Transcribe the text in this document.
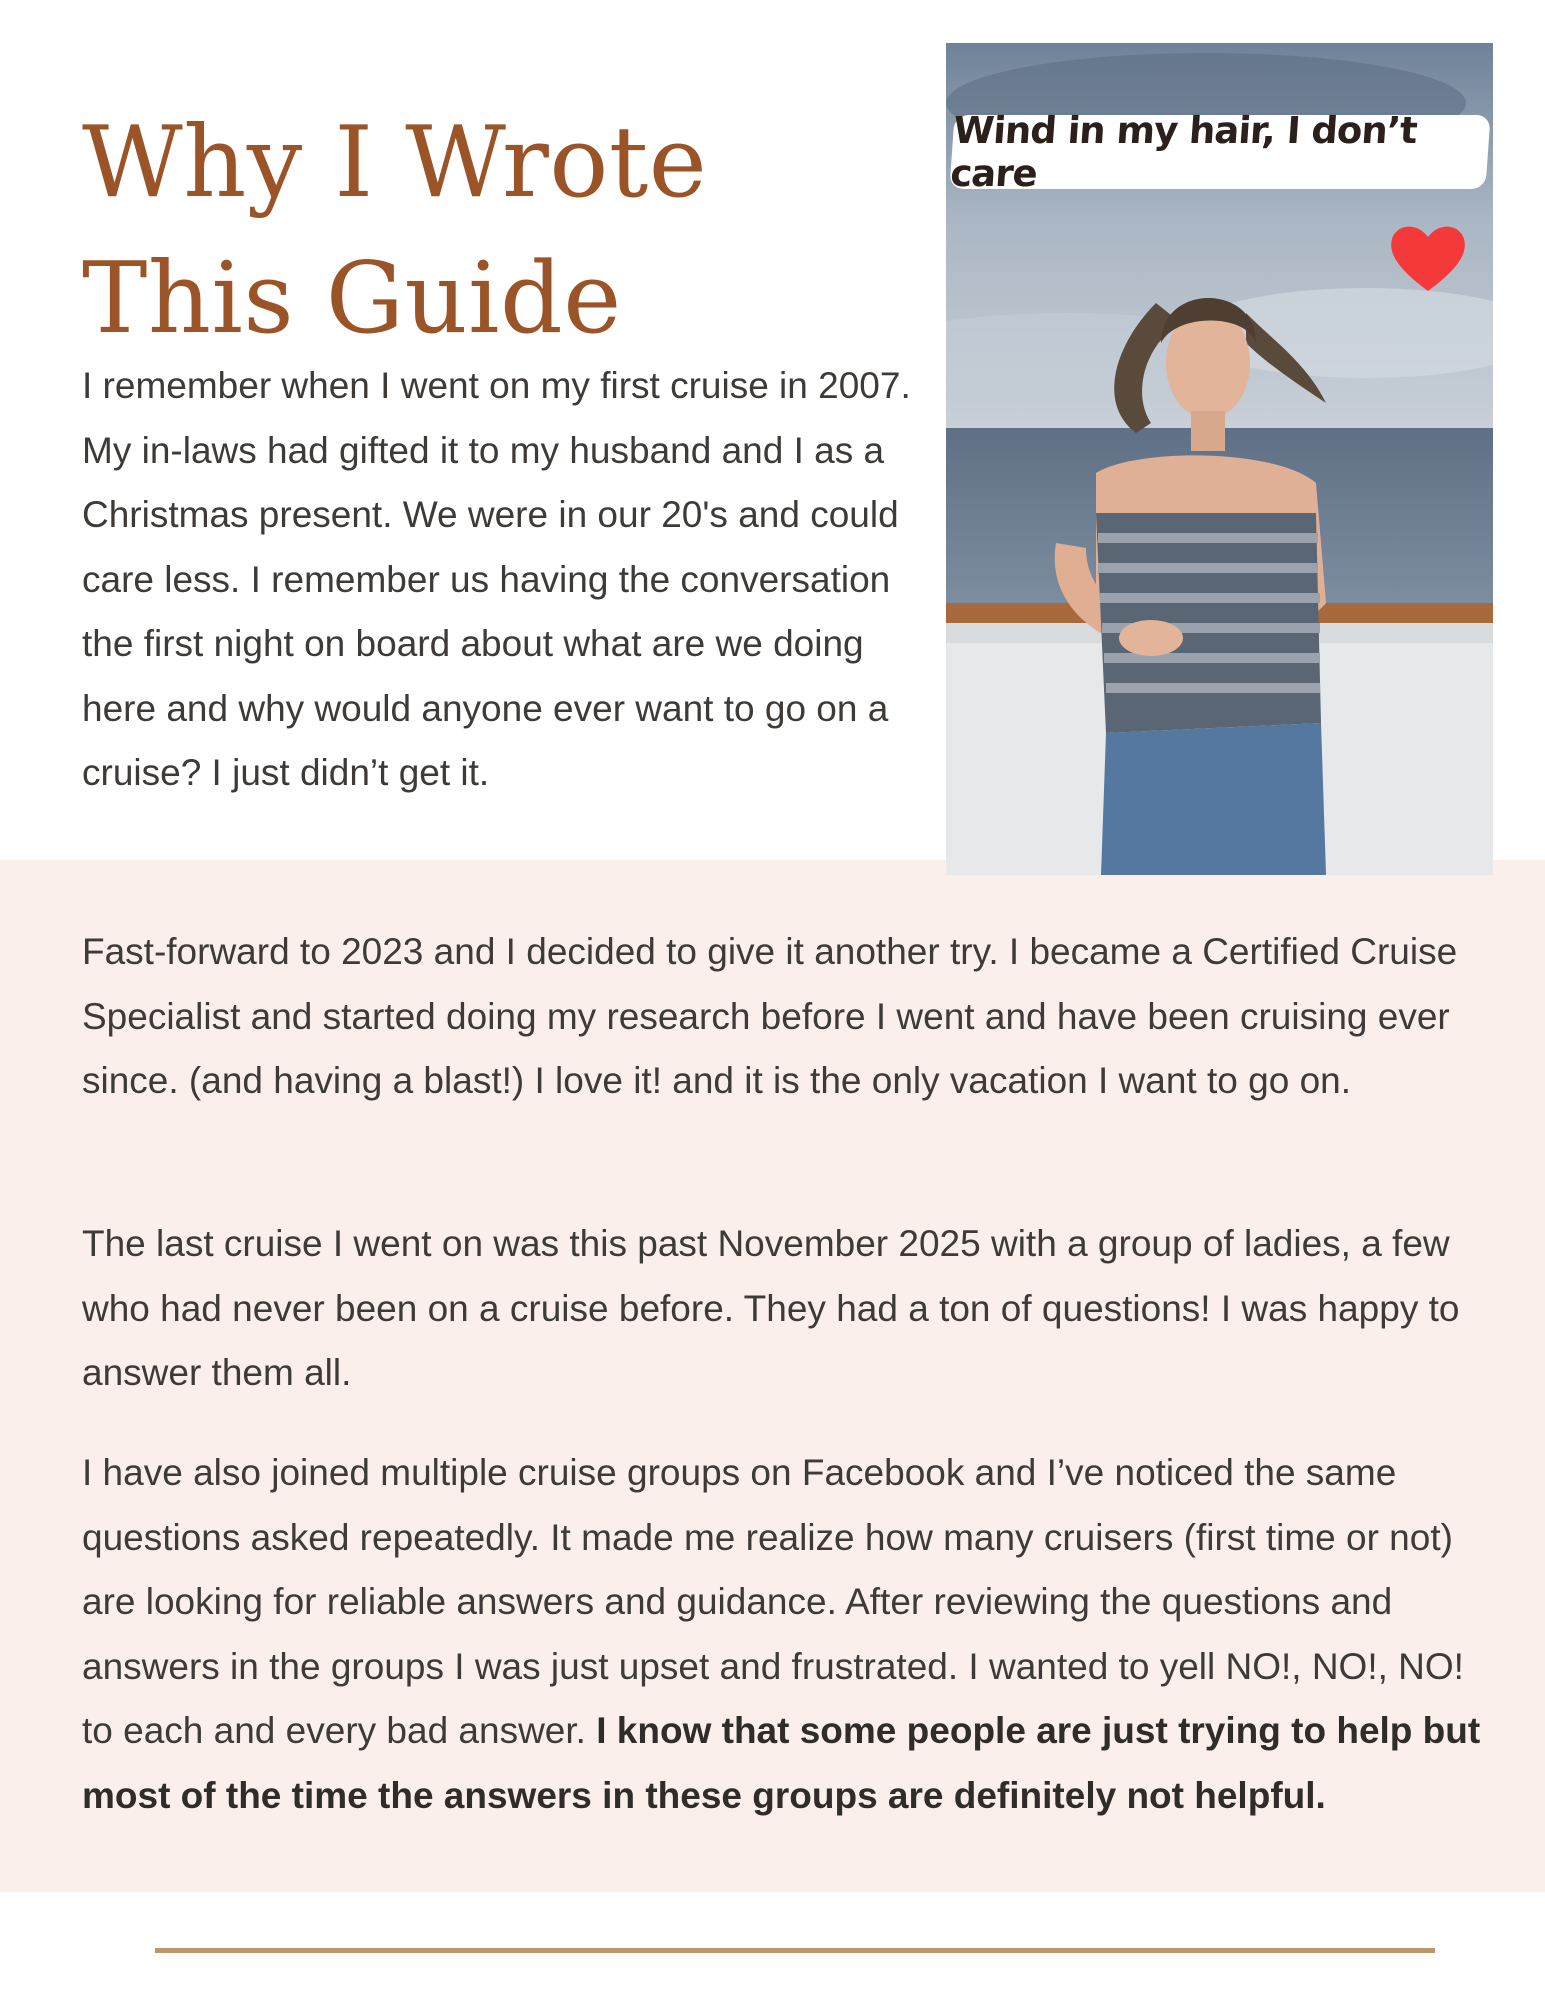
Why I Wrote This Guide

I remember when I went on my first cruise in 2007. My in-laws had gifted it to my husband and I as a Christmas present. We were in our 20's and could care less. I remember us having the conversation the first night on board about what are we doing here and why would anyone ever want to go on a cruise? I just didn’t get it.

Wind in my hair, I don’t care

Fast-forward to 2023 and I decided to give it another try. I became a Certified Cruise Specialist and started doing my research before I went and have been cruising ever since. (and having a blast!) I love it! and it is the only vacation I want to go on.

The last cruise I went on was this past November 2025 with a group of ladies, a few who had never been on a cruise before. They had a ton of questions! I was happy to answer them all.

I have also joined multiple cruise groups on Facebook and I’ve noticed the same questions asked repeatedly. It made me realize how many cruisers (first time or not) are looking for reliable answers and guidance. After reviewing the questions and answers in the groups I was just upset and frustrated. I wanted to yell NO!, NO!, NO! to each and every bad answer. I know that some people are just trying to help but most of the time the answers in these groups are definitely not helpful.
